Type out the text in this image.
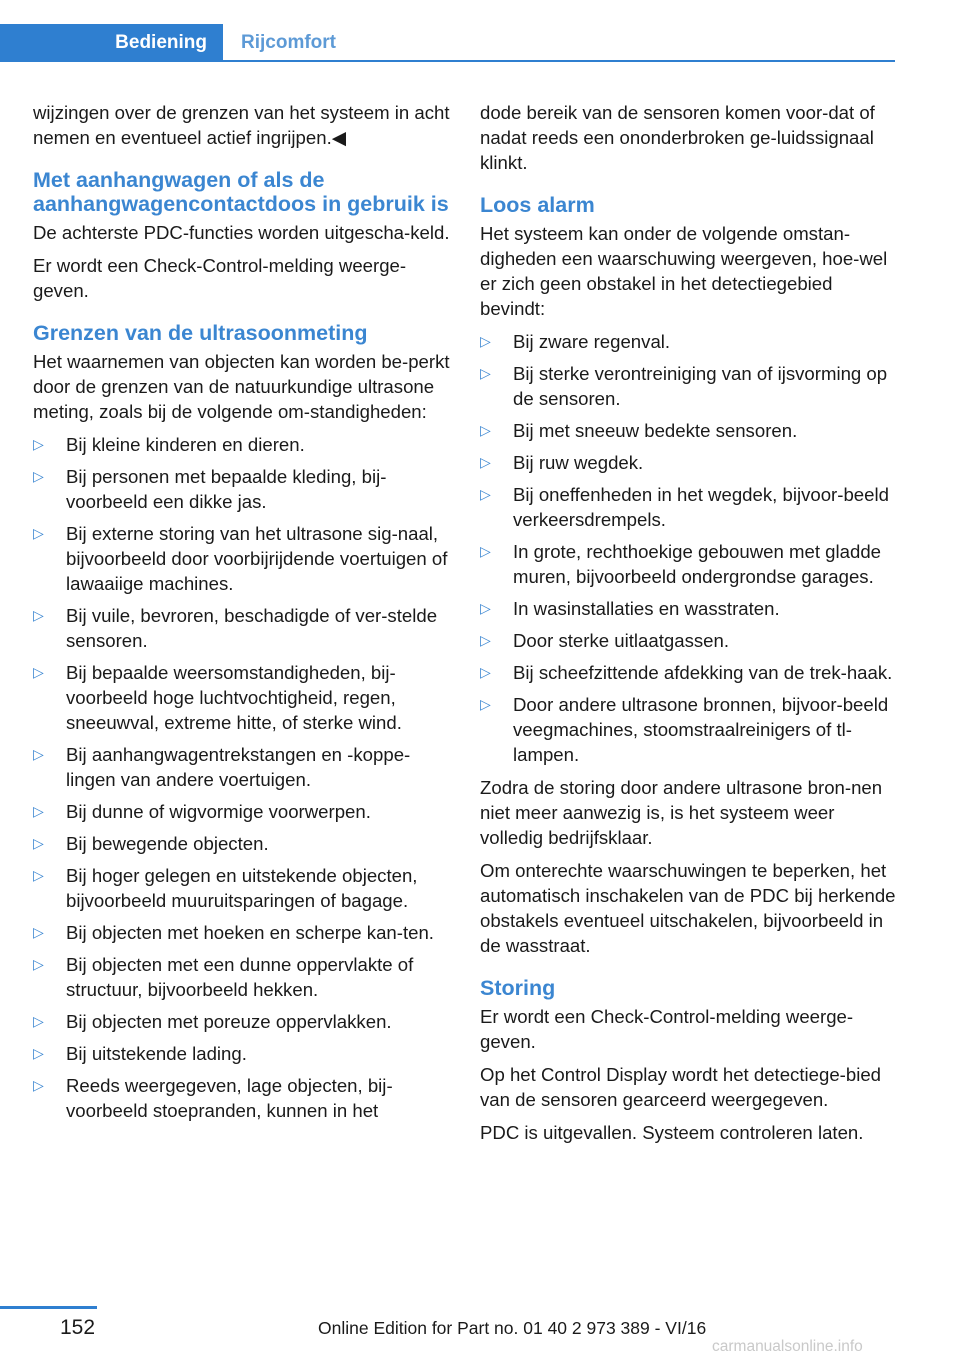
Bediening Rijcomfort

wijzingen over de grenzen van het systeem in acht nemen en eventueel actief ingrijpen.◀

Met aanhangwagen of als de aanhangwagencontactdoos in gebruik is

De achterste PDC-functies worden uitgescha‐keld.

Er wordt een Check-Control-melding weerge‐geven.

Grenzen van de ultrasoonmeting

Het waarnemen van objecten kan worden be‐perkt door de grenzen van de natuurkundige ultrasone meting, zoals bij de volgende om‐standigheden:

▷	Bij kleine kinderen en dieren.
▷	Bij personen met bepaalde kleding, bij‐voorbeeld een dikke jas.
▷	Bij externe storing van het ultrasone sig‐naal, bijvoorbeeld door voorbijrijdende voertuigen of lawaaiige machines.
▷	Bij vuile, bevroren, beschadigde of ver‐stelde sensoren.
▷	Bij bepaalde weersomstandigheden, bij‐voorbeeld hoge luchtvochtigheid, regen, sneeuwval, extreme hitte, of sterke wind.
▷	Bij aanhangwagentrekstangen en -koppe‐lingen van andere voertuigen.
▷	Bij dunne of wigvormige voorwerpen.
▷	Bij bewegende objecten.
▷	Bij hoger gelegen en uitstekende objecten, bijvoorbeeld muuruitsparingen of bagage.
▷	Bij objecten met hoeken en scherpe kan‐ten.
▷	Bij objecten met een dunne oppervlakte of structuur, bijvoorbeeld hekken.
▷	Bij objecten met poreuze oppervlakken.
▷	Bij uitstekende lading.
▷	Reeds weergegeven, lage objecten, bij‐voorbeeld stoepranden, kunnen in het

dode bereik van de sensoren komen voor‐dat of nadat reeds een ononderbroken ge‐luidssignaal klinkt.

Loos alarm

Het systeem kan onder de volgende omstan‐digheden een waarschuwing weergeven, hoe‐wel er zich geen obstakel in het detectiegebied bevindt:

▷	Bij zware regenval.
▷	Bij sterke verontreiniging van of ijsvorming op de sensoren.
▷	Bij met sneeuw bedekte sensoren.
▷	Bij ruw wegdek.
▷	Bij oneffenheden in het wegdek, bijvoor‐beeld verkeersdrempels.
▷	In grote, rechthoekige gebouwen met gladde muren, bijvoorbeeld ondergrondse garages.
▷	In wasinstallaties en wasstraten.
▷	Door sterke uitlaatgassen.
▷	Bij scheefzittende afdekking van de trek‐haak.
▷	Door andere ultrasone bronnen, bijvoor‐beeld veegmachines, stoomstraalreinigers of tl-lampen.

Zodra de storing door andere ultrasone bron‐nen niet meer aanwezig is, is het systeem weer volledig bedrijfsklaar.

Om onterechte waarschuwingen te beperken, het automatisch inschakelen van de PDC bij herkende obstakels eventueel uitschakelen, bijvoorbeeld in de wasstraat.

Storing

Er wordt een Check-Control-melding weerge‐geven.

Op het Control Display wordt het detectiege‐bied van de sensoren gearceerd weergegeven.

PDC is uitgevallen. Systeem controleren laten.

152	Online Edition for Part no. 01 40 2 973 389 - VI/16
carmanualsonline.info
